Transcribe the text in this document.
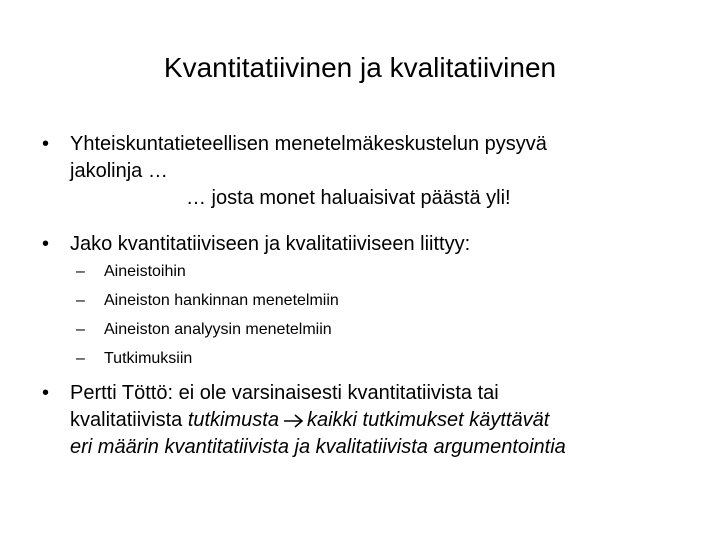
Kvantitatiivinen ja kvalitatiivinen
• Yhteiskuntatieteellisen menetelmäkeskustelun pysyvä
jakolinja …
… josta monet haluaisivat päästä yli!
• Jako kvantitatiiviseen ja kvalitatiiviseen liittyy:
– Aineistoihin
– Aineiston hankinnan menetelmiin
– Aineiston analyysin menetelmiin
– Tutkimuksiin
• Pertti Töttö: ei ole varsinaisesti kvantitatiivista tai
kvalitatiivista tutkimusta kaikki tutkimukset käyttävät
eri määrin kvantitatiivista ja kvalitatiivista argumentointia
